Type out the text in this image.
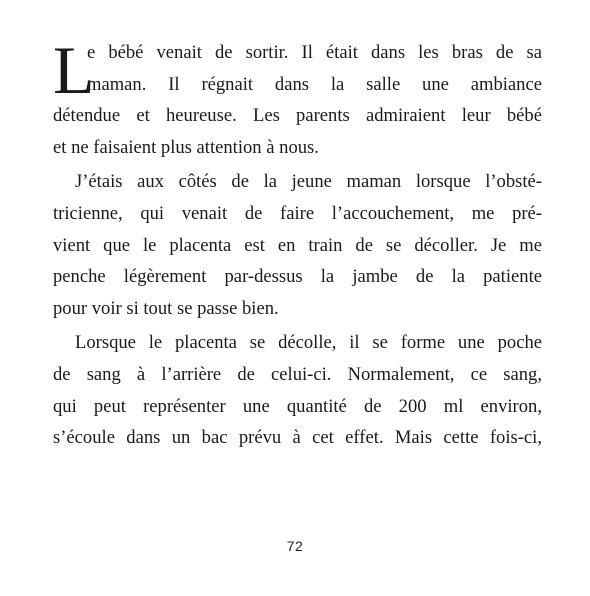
L
e bébé venait de sortir. Il était dans les bras de sa
maman. Il régnait dans la salle une ambiance
détendue et heureuse. Les parents admiraient leur bébé
et ne faisaient plus attention à nous.
J’étais aux côtés de la jeune maman lorsque l’obsté-
tricienne, qui venait de faire l’accouchement, me pré-
vient que le placenta est en train de se décoller. Je me
penche légèrement par-dessus la jambe de la patiente
pour voir si tout se passe bien.
Lorsque le placenta se décolle, il se forme une poche
de sang à l’arrière de celui-ci. Normalement, ce sang,
qui peut représenter une quantité de 200 ml environ,
s’écoule dans un bac prévu à cet effet. Mais cette fois-ci,
72
